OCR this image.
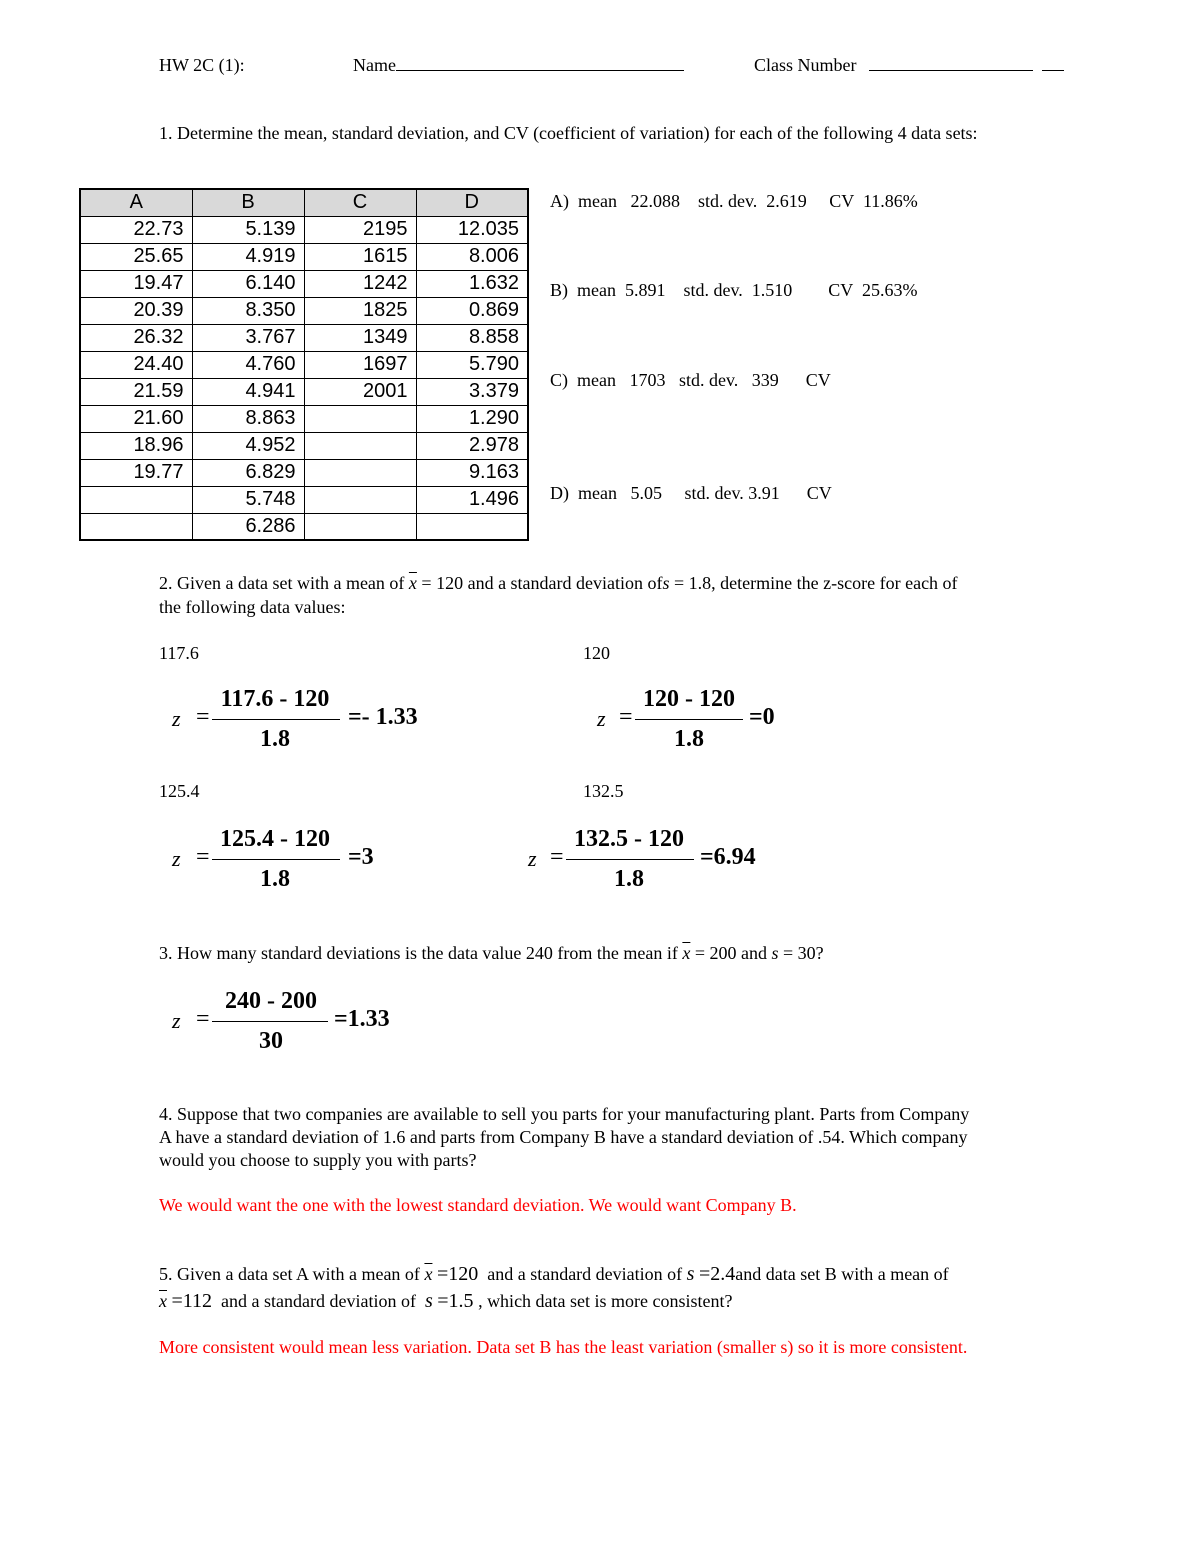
HW 2C (1):	Name	Class Number
1. Determine the mean, standard deviation, and CV (coefficient of variation) for each of the following 4 data sets:
A	B	C	D
22.73	5.139	2195	12.035
25.65	4.919	1615	8.006
19.47	6.140	1242	1.632
20.39	8.350	1825	0.869
26.32	3.767	1349	8.858
24.40	4.760	1697	5.790
21.59	4.941	2001	3.379
21.60	8.863		1.290
18.96	4.952		2.978
19.77	6.829		9.163
	5.748		1.496
	6.286		
A)  mean   22.088    std. dev.  2.619     CV  11.86%
B)  mean  5.891    std. dev.  1.510        CV  25.63%
C)  mean   1703   std. dev.   339      CV
D)  mean   5.05     std. dev. 3.91      CV
2. Given a data set with a mean of $\overline{x} = 120$ and a standard deviation ofs = 1.8, determine the z-score for each of
the following data values:
117.6	120
125.4	132.5
z =
117.6 - 120
1.8
=- 1.33	z =
120 - 120
1.8
=0
z =
125.4 - 120
1.8
=3	z =
132.5 - 120
1.8
=6.94
3. How many standard deviations is the data value 240 from the mean if $\overline{x} = 200$ and s = 30?
z =
240 - 200
30
=1.33
4. Suppose that two companies are available to sell you parts for your manufacturing plant. Parts from Company
A have a standard deviation of 1.6 and parts from Company B have a standard deviation of .54. Which company
would you choose to supply you with parts?
We would want the one with the lowest standard deviation. We would want Company B.
5. Given a data set A with a mean of $\overline{x} =120$ and a standard deviation of s =2.4and data set B with a mean of
$\overline{x} =112$ and a standard deviation of s =1.5 , which data set is more consistent?
More consistent would mean less variation. Data set B has the least variation (smaller s) so it is more consistent.
